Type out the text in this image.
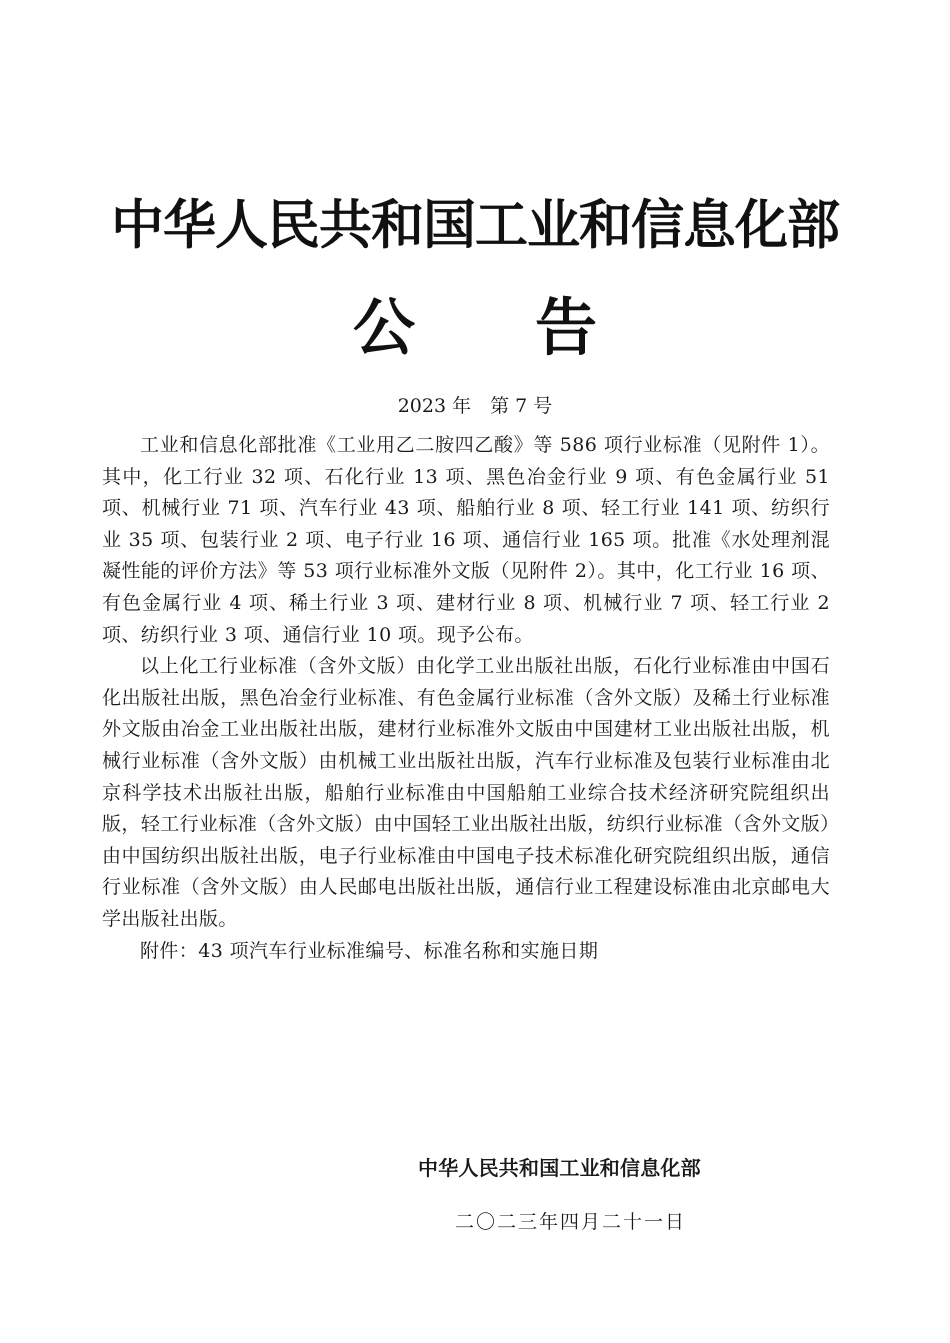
中华人民共和国工业和信息化部
公 告
2023 年　第 7 号

工业和信息化部批准《工业用乙二胺四乙酸》等 586 项行业标准（见附件 1）。其中，化工行业 32 项、石化行业 13 项、黑色冶金行业 9 项、有色金属行业 51 项、机械行业 71 项、汽车行业 43 项、船舶行业 8 项、轻工行业 141 项、纺织行业 35 项、包装行业 2 项、电子行业 16 项、通信行业 165 项。批准《水处理剂混凝性能的评价方法》等 53 项行业标准外文版（见附件 2）。其中，化工行业 16 项、有色金属行业 4 项、稀土行业 3 项、建材行业 8 项、机械行业 7 项、轻工行业 2 项、纺织行业 3 项、通信行业 10 项。现予公布。

以上化工行业标准（含外文版）由化学工业出版社出版，石化行业标准由中国石化出版社出版，黑色冶金行业标准、有色金属行业标准（含外文版）及稀土行业标准外文版由冶金工业出版社出版，建材行业标准外文版由中国建材工业出版社出版，机械行业标准（含外文版）由机械工业出版社出版，汽车行业标准及包装行业标准由北京科学技术出版社出版，船舶行业标准由中国船舶工业综合技术经济研究院组织出版，轻工行业标准（含外文版）由中国轻工业出版社出版，纺织行业标准（含外文版）由中国纺织出版社出版，电子行业标准由中国电子技术标准化研究院组织出版，通信行业标准（含外文版）由人民邮电出版社出版，通信行业工程建设标准由北京邮电大学出版社出版。

附件：43 项汽车行业标准编号、标准名称和实施日期

中华人民共和国工业和信息化部
二〇二三年四月二十一日
